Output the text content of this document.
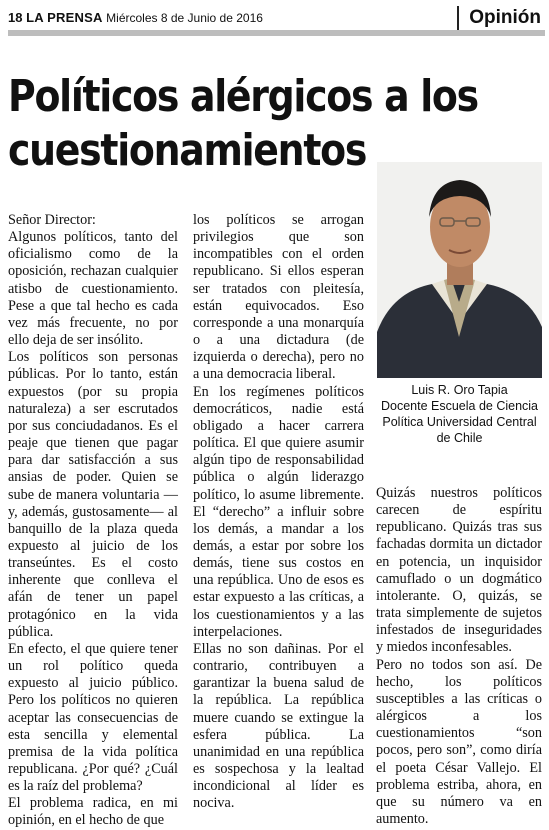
18 LA PRENSA Miércoles 8 de Junio de 2016	Opinión
Políticos alérgicos a los
cuestionamientos

Señor Director:

Algunos políticos, tanto del oficialismo como de la oposición, rechazan cualquier atisbo de cuestionamiento. Pese a que tal hecho es cada vez más frecuente, no por ello deja de ser insólito.

Los políticos son personas públicas. Por lo tanto, están expuestos (por su propia naturaleza) a ser escrutados por sus conciudadanos. Es el peaje que tienen que pagar para dar satisfacción a sus ansias de poder. Quien se sube de manera voluntaria —y, además, gustosamente— al banquillo de la plaza queda expuesto al juicio de los transeúntes. Es el costo inherente que conlleva el afán de tener un papel protagónico en la vida pública.

En efecto, el que quiere tener un rol político queda expuesto al juicio público. Pero los políticos no quieren aceptar las consecuencias de esta sencilla y elemental premisa de la vida política republicana. ¿Por qué? ¿Cuál es la raíz del problema?

El problema radica, en mi opinión, en el hecho de que

los políticos se arrogan privilegios que son incompatibles con el orden republicano. Si ellos esperan ser tratados con pleitesía, están equivocados. Eso corresponde a una monarquía o a una dictadura (de izquierda o derecha), pero no a una democracia liberal.

En los regímenes políticos democráticos, nadie está obligado a hacer carrera política. El que quiere asumir algún tipo de responsabilidad pública o algún liderazgo político, lo asume libremente. El “derecho” a influir sobre los demás, a mandar a los demás, a estar por sobre los demás, tiene sus costos en una república. Uno de esos es estar expuesto a las críticas, a los cuestionamientos y a las interpelaciones.

Ellas no son dañinas. Por el contrario, contribuyen a garantizar la buena salud de la república. La república muere cuando se extingue la esfera pública. La unanimidad en una república es sospechosa y la lealtad incondicional al líder es nociva.

Luis R. Oro Tapia
Docente Escuela de Ciencia
Política Universidad Central
de Chile

Quizás nuestros políticos carecen de espíritu republicano. Quizás tras sus fachadas dormita un dictador en potencia, un inquisidor camuflado o un dogmático intolerante. O, quizás, se trata simplemente de sujetos infestados de inseguridades y miedos inconfesables.

Pero no todos son así. De hecho, los políticos susceptibles a las críticas o alérgicos a los cuestionamientos “son pocos, pero son”, como diría el poeta César Vallejo. El problema estriba, ahora, en que su número va en aumento.
